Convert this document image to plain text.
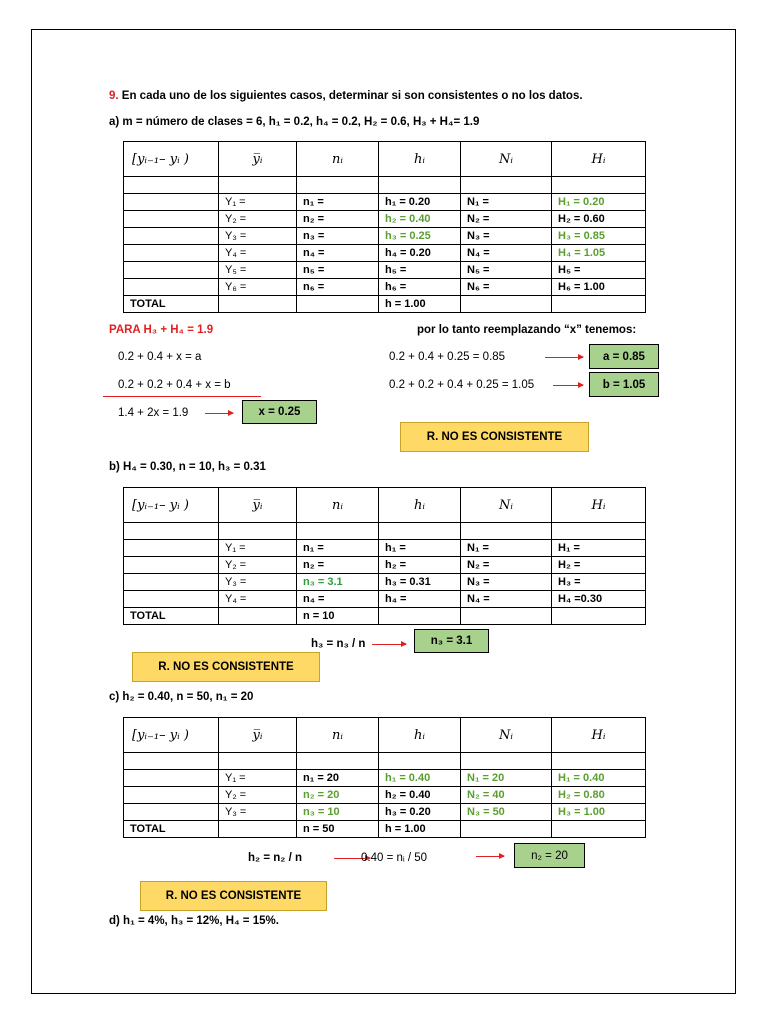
9. En cada uno de los siguientes casos, determinar si son consistentes o no los datos.
a) m = número de clases = 6, h₁ = 0.2, h₄ = 0.2, H₂ = 0.6, H₃ + H₄= 1.9
[yᵢ₋₁– yᵢ )	y̅ᵢ	nᵢ	hᵢ	Nᵢ	Hᵢ

	Y₁ =	n₁ =	h₁ = 0.20	N₁ =	H₁ = 0.20
	Y₂ =	n₂ =	h₂ = 0.40	N₂ =	H₂ = 0.60
	Y₃ =	n₃ =	h₃ = 0.25	N₃ =	H₃ = 0.85
	Y₄ =	n₄ =	h₄ = 0.20	N₄ =	H₄ = 1.05
	Y₅ =	n₅ =	h₅ =	N₅ =	H₅ =
	Y₆ =	n₆ =	h₆ =	N₆ =	H₆ = 1.00
TOTAL			h = 1.00		
PARA H₃ + H₄ = 1.9
0.2 + 0.4 + x = a
0.2 + 0.2 + 0.4 + x = b
1.4 + 2x = 1.9	x = 0.25
por lo tanto reemplazando “x” tenemos:
0.2 + 0.4 + 0.25 = 0.85	a = 0.85
0.2 + 0.2 + 0.4 + 0.25 = 1.05	b = 1.05
R. NO ES CONSISTENTE
b) H₄ = 0.30, n = 10, h₃ = 0.31
[yᵢ₋₁– yᵢ )	y̅ᵢ	nᵢ	hᵢ	Nᵢ	Hᵢ

	Y₁ =	n₁ =	h₁ =	N₁ =	H₁ =
	Y₂ =	n₂ =	h₂ =	N₂ =	H₂ =
	Y₃ =	n₃ = 3.1	h₃ = 0.31	N₃ =	H₃ =
	Y₄ =	n₄ =	h₄ =	N₄ =	H₄ =0.30
TOTAL		n = 10			
h₃ = n₃ / n	n₃ = 3.1
R. NO ES CONSISTENTE
c) h₂ = 0.40, n = 50, n₁ = 20
[yᵢ₋₁– yᵢ )	y̅ᵢ	nᵢ	hᵢ	Nᵢ	Hᵢ

	Y₁ =	n₁ = 20	h₁ = 0.40	N₁ = 20	H₁ = 0.40
	Y₂ =	n₂ = 20	h₂ = 0.40	N₂ = 40	H₂ = 0.80
	Y₃ =	n₃ = 10	h₃ = 0.20	N₃ = 50	H₃ = 1.00
TOTAL		n = 50	h = 1.00		
h₂ = n₂ / n	0.40 = nᵢ / 50	n₂ = 20
R. NO ES CONSISTENTE
d) h₁ = 4%, h₃ = 12%, H₄ = 15%.
